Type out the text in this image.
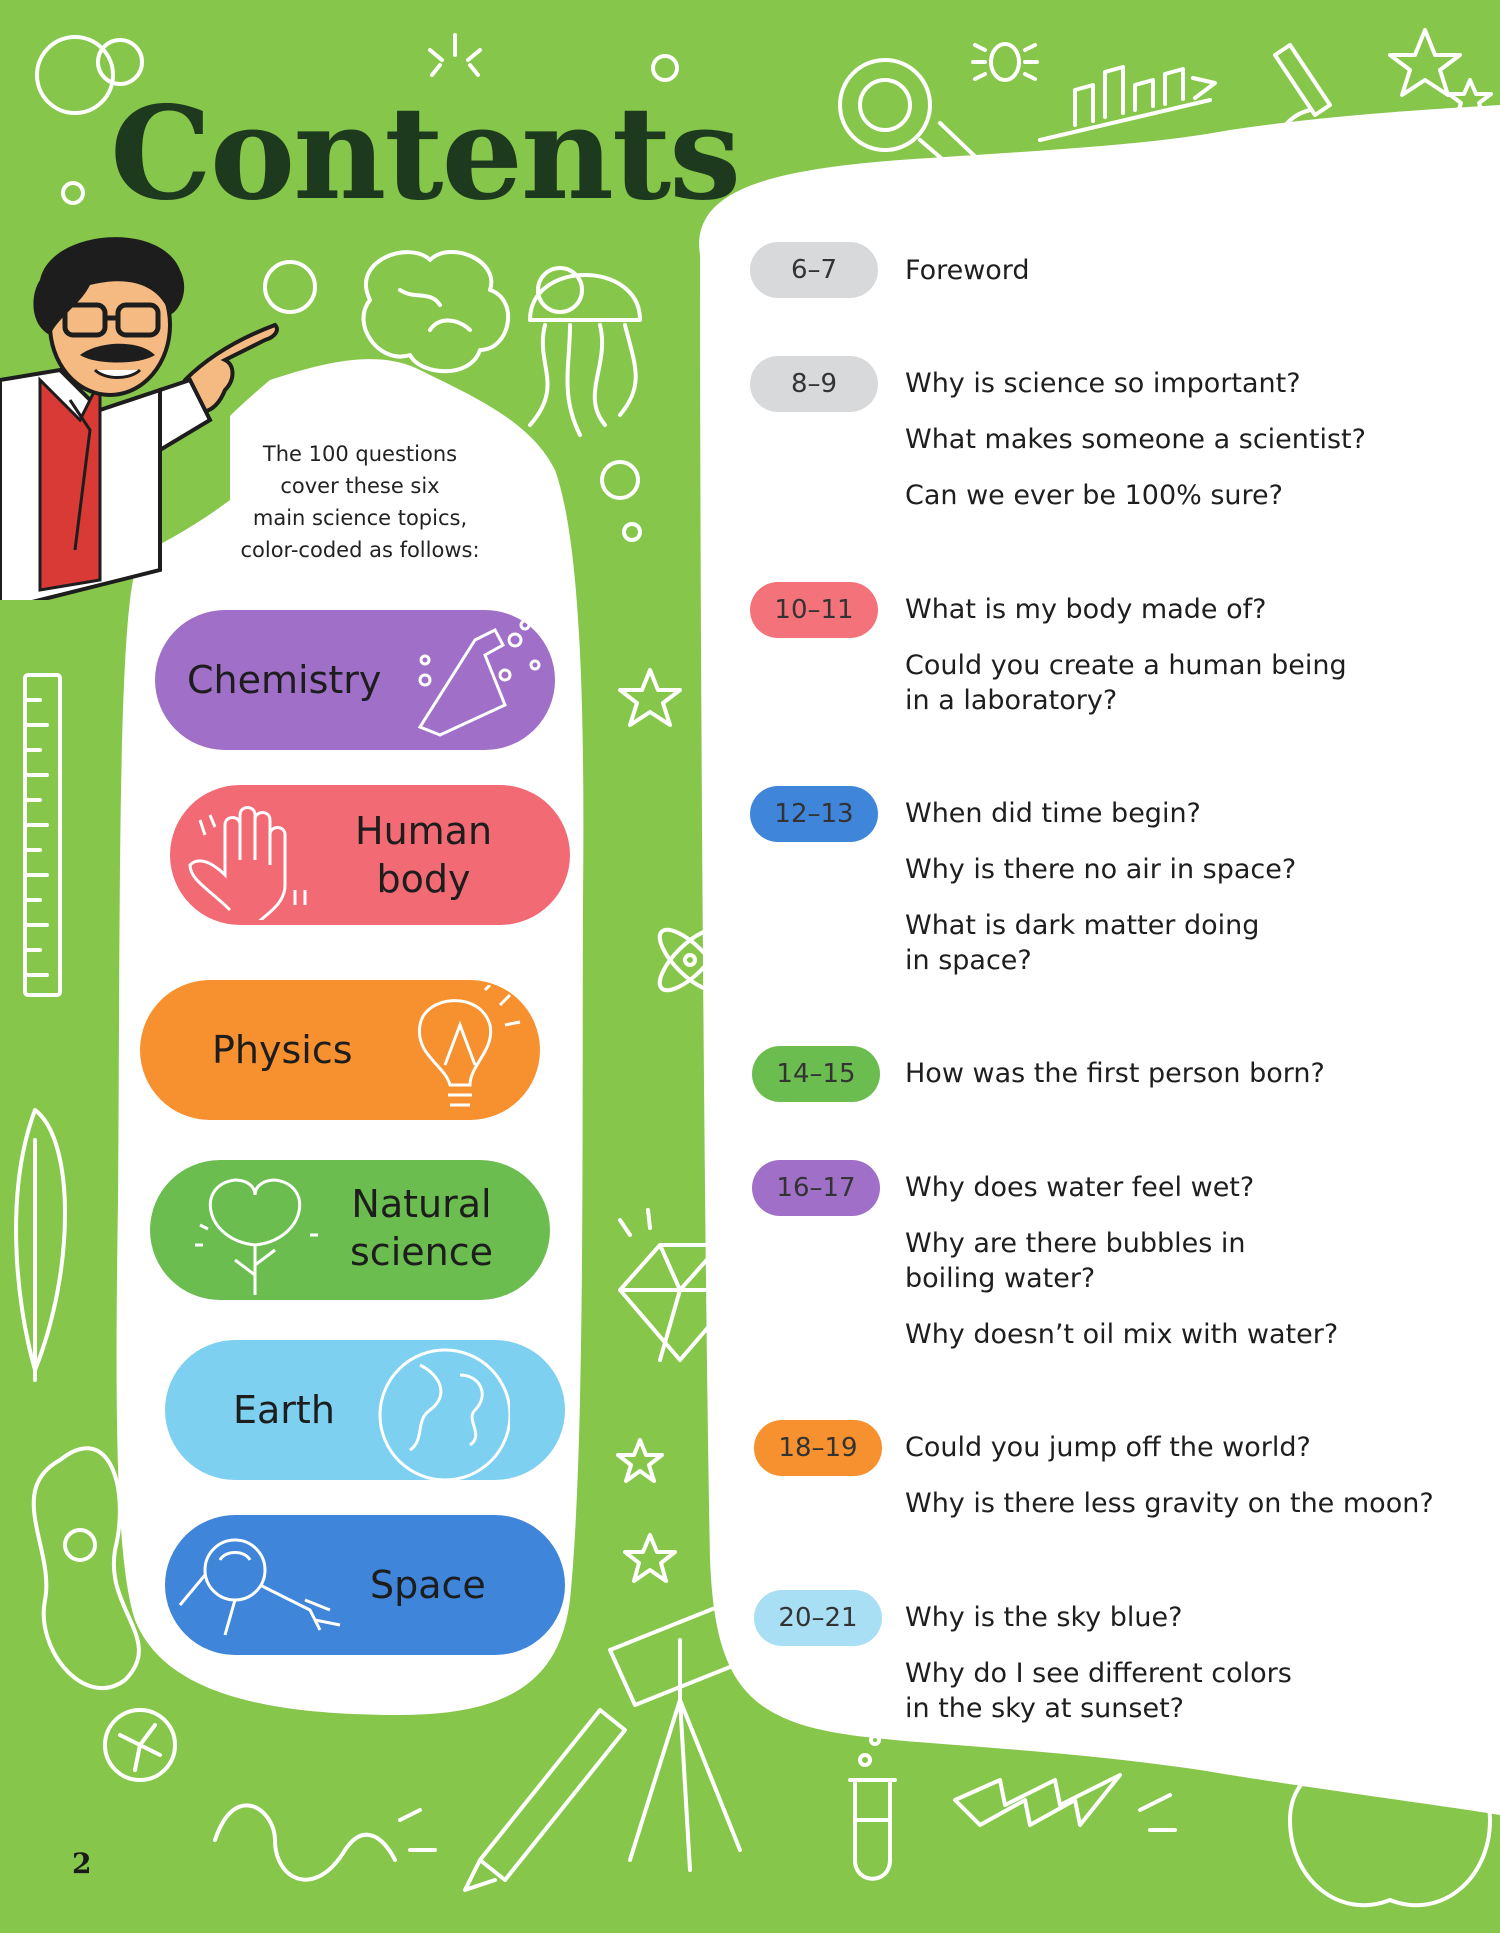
Contents
The 100 questions
cover these six
main science topics,
color-coded as follows:
Chemistry
Human
body
Physics
Natural
science
Earth
Space
6–7	Foreword
8–9	Why is science so important?
What makes someone a scientist?
Can we ever be 100% sure?
10–11	What is my body made of?
Could you create a human being
in a laboratory?
12–13	When did time begin?
Why is there no air in space?
What is dark matter doing
in space?
14–15	How was the first person born?
16–17	Why does water feel wet?
Why are there bubbles in
boiling water?
Why doesn’t oil mix with water?
18–19	Could you jump off the world?
Why is there less gravity on the moon?
20–21	Why is the sky blue?
Why do I see different colors
in the sky at sunset?
2
